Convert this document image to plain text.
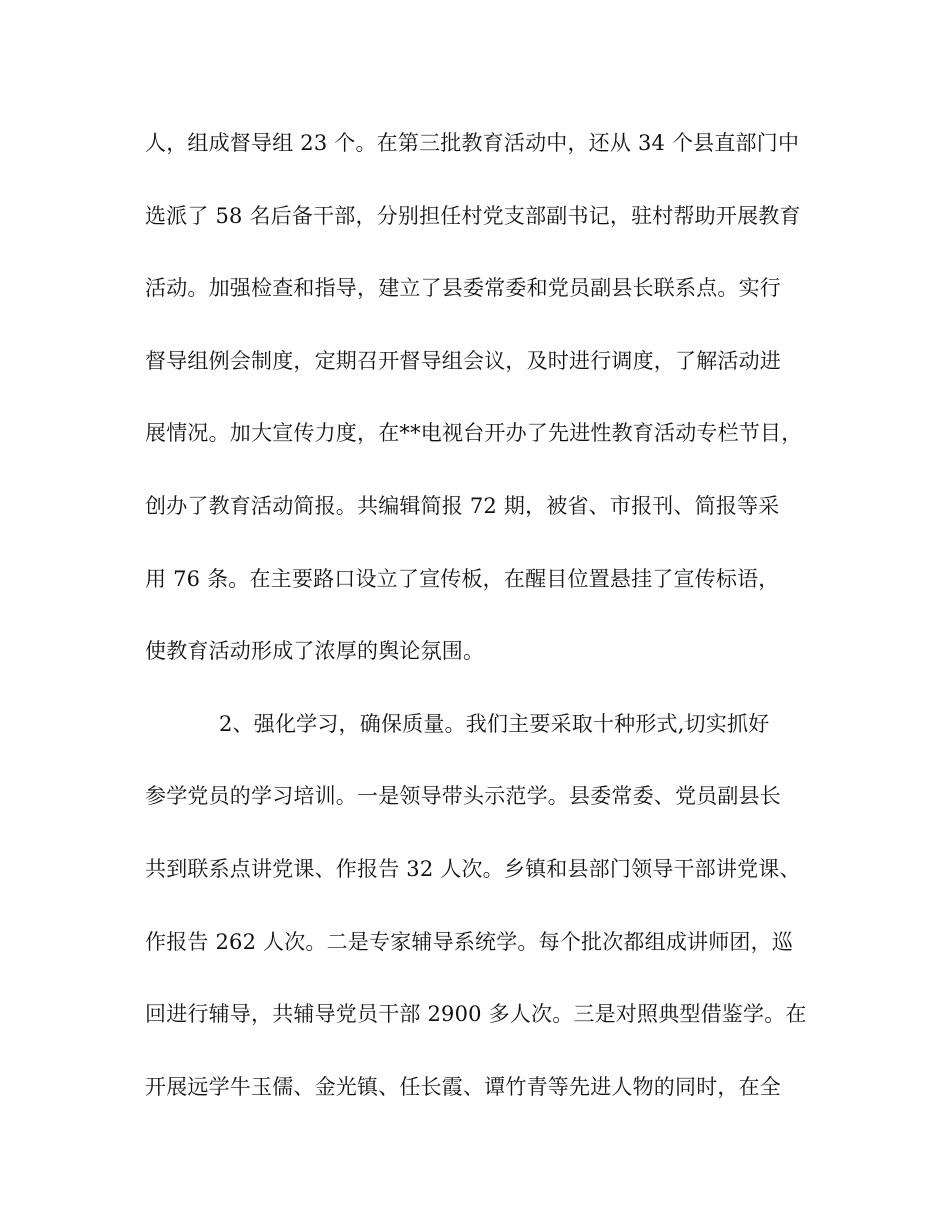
人，组成督导组 23 个。在第三批教育活动中，还从 34 个县直部门中
选派了 58 名后备干部，分别担任村党支部副书记，驻村帮助开展教育
活动。加强检查和指导，建立了县委常委和党员副县长联系点。实行
督导组例会制度，定期召开督导组会议，及时进行调度，了解活动进
展情况。加大宣传力度，在**电视台开办了先进性教育活动专栏节目，
创办了教育活动简报。共编辑简报 72 期，被省、市报刊、简报等采
用 76 条。在主要路口设立了宣传板，在醒目位置悬挂了宣传标语，
使教育活动形成了浓厚的舆论氛围。
2、强化学习，确保质量。我们主要采取十种形式,切实抓好
参学党员的学习培训。一是领导带头示范学。县委常委、党员副县长
共到联系点讲党课、作报告 32 人次。乡镇和县部门领导干部讲党课、
作报告 262 人次。二是专家辅导系统学。每个批次都组成讲师团，巡
回进行辅导，共辅导党员干部 2900 多人次。三是对照典型借鉴学。在
开展远学牛玉儒、金光镇、任长霞、谭竹青等先进人物的同时，在全
